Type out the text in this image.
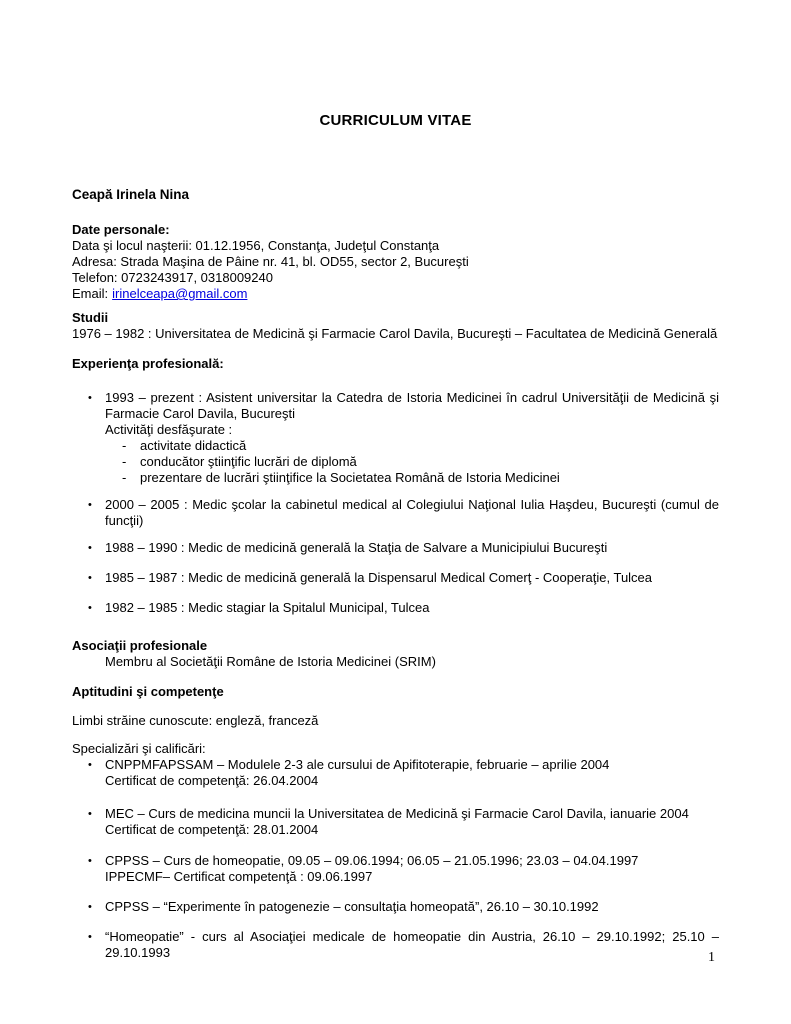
CURRICULUM VITAE
Ceapă Irinela Nina
Date personale:
Data şi locul naşterii: 01.12.1956, Constanţa, Judeţul Constanţa
Adresa: Strada Maşina de Pâine nr. 41, bl. OD55, sector 2, Bucureşti
Telefon: 0723243917, 0318009240
Email: irinelceapa@gmail.com
Studii
1976 – 1982 : Universitatea de Medicină şi Farmacie Carol Davila, Bucureşti – Facultatea de Medicină Generală
Experienţa profesională:
• 1993 – prezent : Asistent universitar la Catedra de Istoria Medicinei în cadrul Universităţii de Medicină şi Farmacie Carol Davila, Bucureşti
Activităţi desfăşurate :
- activitate didactică
- conducător ştiinţific lucrări de diplomă
- prezentare de lucrări ştiinţifice la Societatea Română de Istoria Medicinei
• 2000 – 2005 : Medic şcolar la cabinetul medical al Colegiului Naţional Iulia Haşdeu, Bucureşti (cumul de funcţii)
• 1988 – 1990 : Medic de medicină generală la Staţia de Salvare a Municipiului Bucureşti
• 1985 – 1987 : Medic de medicină generală la Dispensarul Medical Comerţ - Cooperaţie, Tulcea
• 1982 – 1985 : Medic stagiar la Spitalul Municipal, Tulcea
Asociaţii profesionale
Membru al Societăţii Române de Istoria Medicinei (SRIM)
Aptitudini şi competenţe
Limbi străine cunoscute: engleză, franceză
Specializări şi calificări:
• CNPPMFAPSSAM – Modulele 2-3 ale cursului de Apifitoterapie, februarie – aprilie 2004
Certificat de competenţă: 26.04.2004
• MEC – Curs de medicina muncii la Universitatea de Medicină şi Farmacie Carol Davila, ianuarie 2004
Certificat de competenţă: 28.01.2004
• CPPSS – Curs de homeopatie, 09.05 – 09.06.1994; 06.05 – 21.05.1996; 23.03 – 04.04.1997
IPPECMF– Certificat competenţă : 09.06.1997
• CPPSS – “Experimente în patogenezie – consultaţia homeopată”, 26.10 – 30.10.1992
• “Homeopatie” - curs al Asociaţiei medicale de homeopatie din Austria, 26.10 – 29.10.1992; 25.10 – 29.10.1993	1
